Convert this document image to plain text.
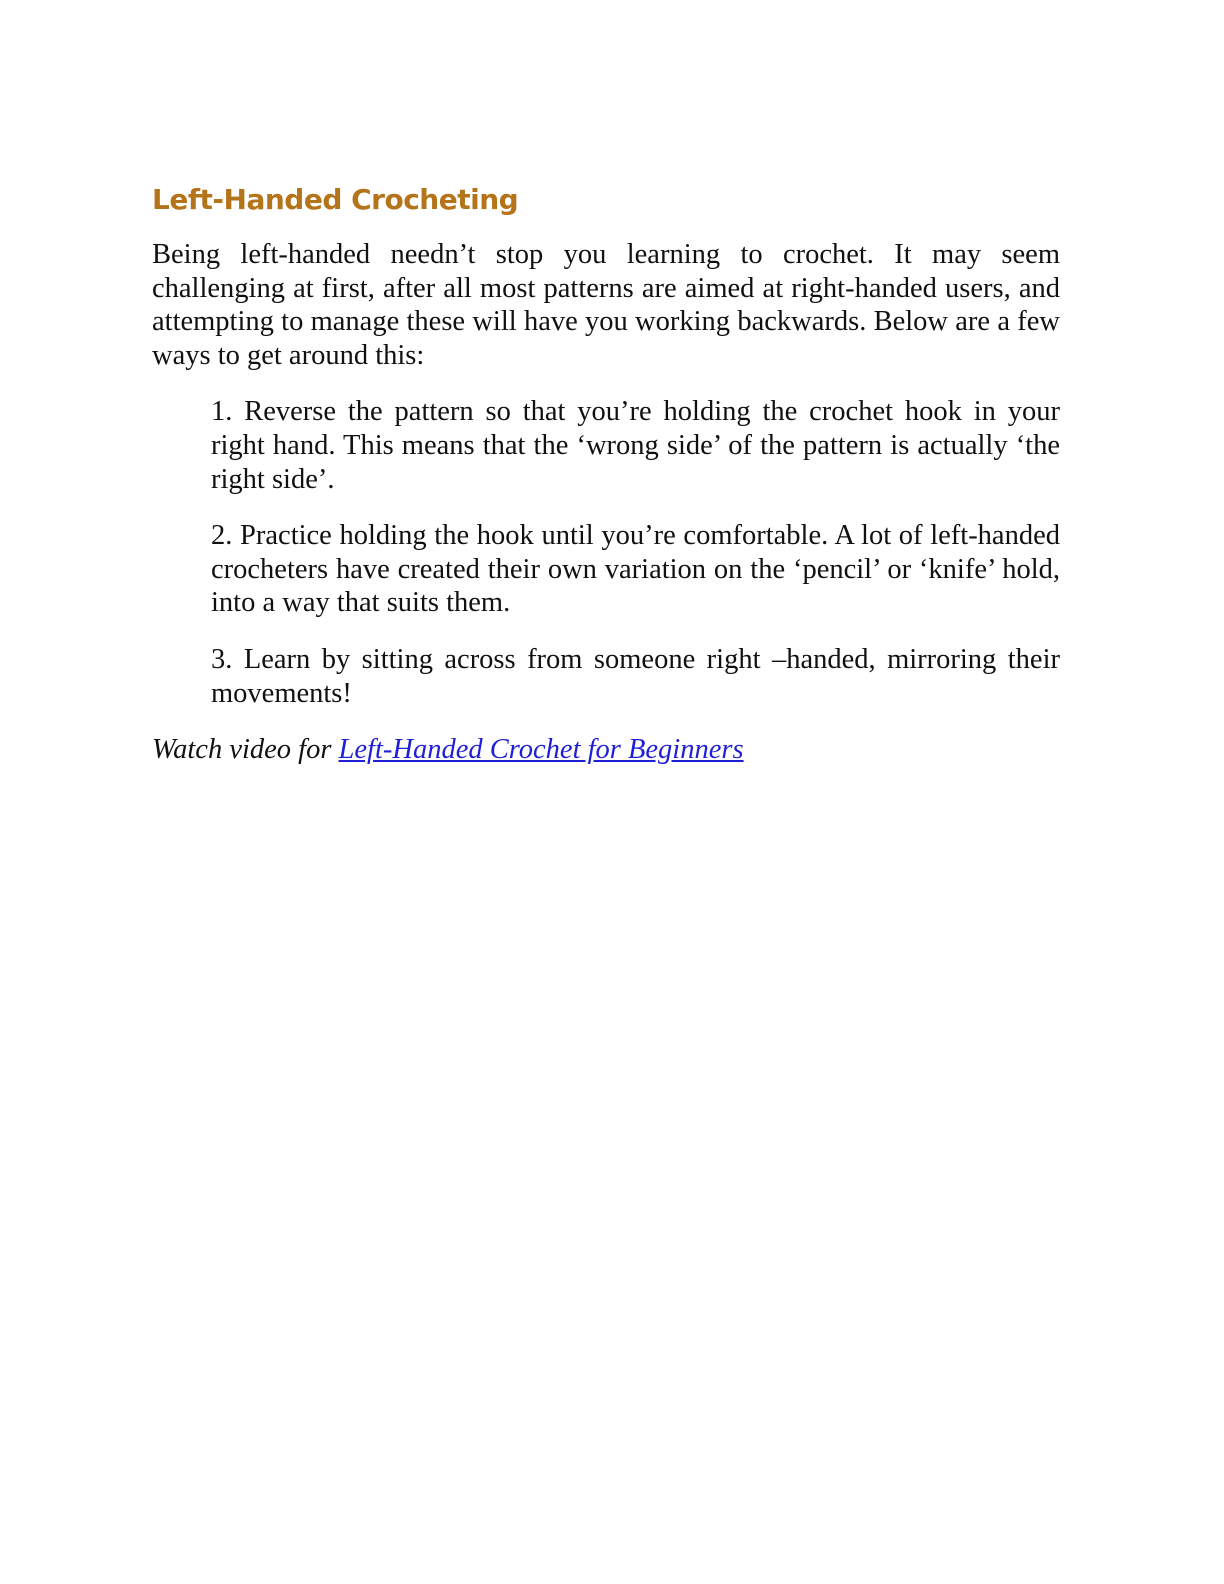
Left-Handed Crocheting

Being left-handed needn’t stop you learning to crochet. It may seem challenging at first, after all most patterns are aimed at right-handed users, and attempting to manage these will have you working backwards. Below are a few ways to get around this:

1. Reverse the pattern so that you’re holding the crochet hook in your right hand. This means that the ‘wrong side’ of the pattern is actually ‘the right side’.
2. Practice holding the hook until you’re comfortable. A lot of left-handed crocheters have created their own variation on the ‘pencil’ or ‘knife’ hold, into a way that suits them.
3. Learn by sitting across from someone right –handed, mirroring their movements!

Watch video for Left-Handed Crochet for Beginners
